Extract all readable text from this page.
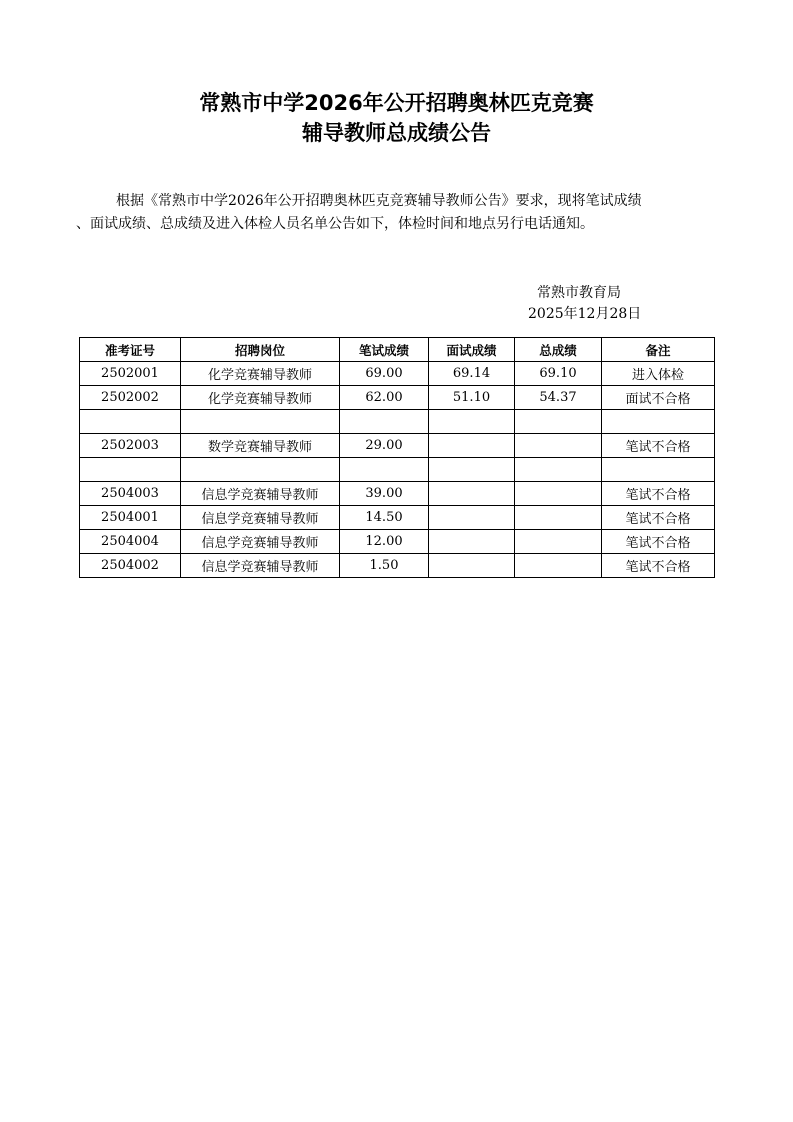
常熟市中学2026年公开招聘奥林匹克竞赛
辅导教师总成绩公告

根据《常熟市中学2026年公开招聘奥林匹克竞赛辅导教师公告》要求，现将笔试成绩

、面试成绩、总成绩及进入体检人员名单公告如下，体检时间和地点另行电话通知。

常熟市教育局
2025年12月28日
准考证号	招聘岗位	笔试成绩	面试成绩	总成绩	备注
2502001	化学竞赛辅导教师	69.00	69.14	69.10	进入体检
2502002	化学竞赛辅导教师	62.00	51.10	54.37	面试不合格

2502003	数学竞赛辅导教师	29.00			笔试不合格

2504003	信息学竞赛辅导教师	39.00			笔试不合格
2504001	信息学竞赛辅导教师	14.50			笔试不合格
2504004	信息学竞赛辅导教师	12.00			笔试不合格
2504002	信息学竞赛辅导教师	1.50			笔试不合格
